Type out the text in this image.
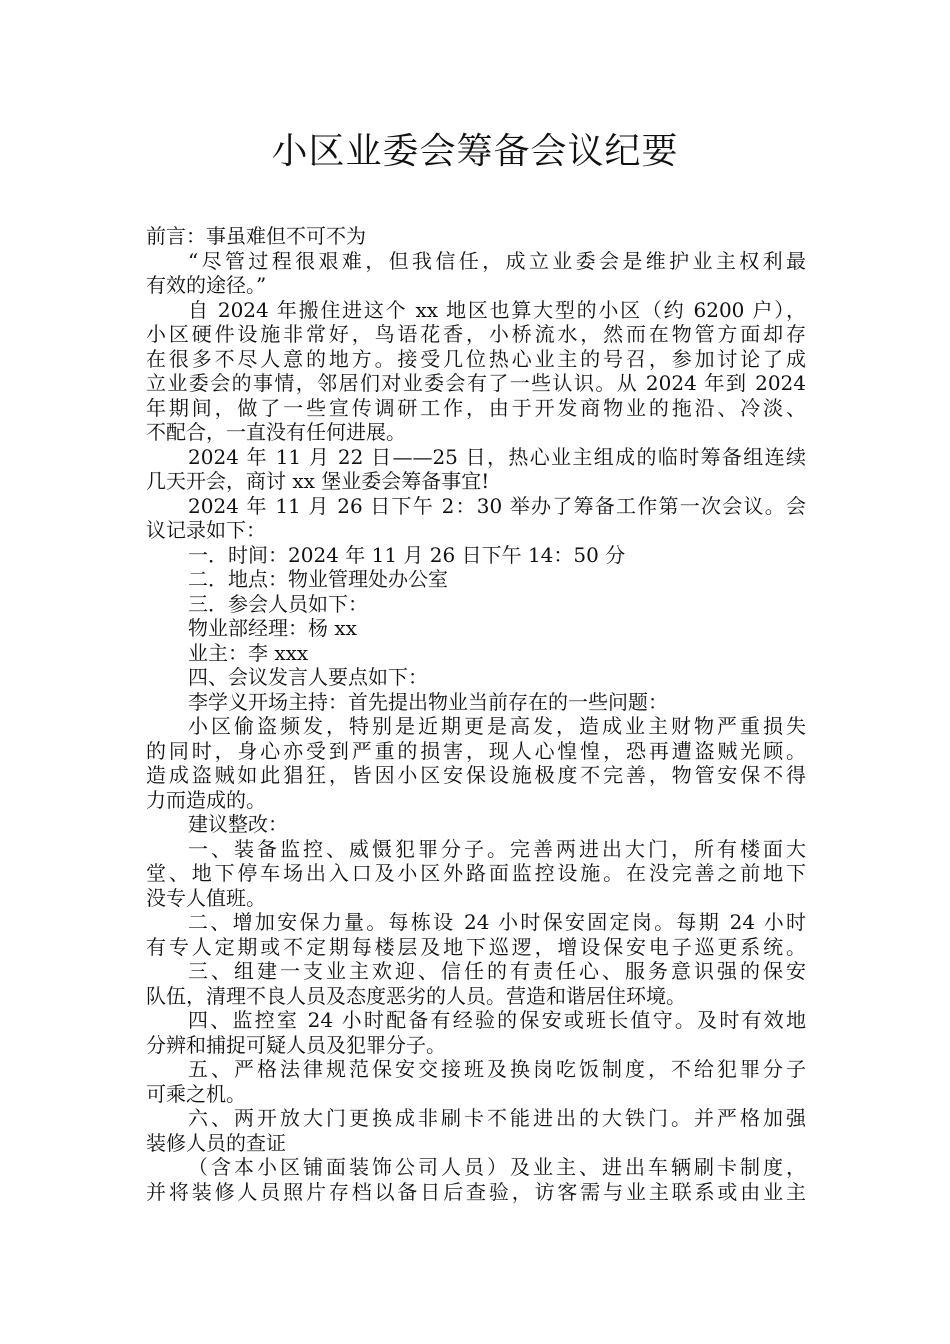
小区业委会筹备会议纪要
前言：事虽难但不可不为
“尽管过程很艰难，但我信任，成立业委会是维护业主权利最
有效的途径。”
自 2024 年搬住进这个 xx 地区也算大型的小区（约 6200 户），
小区硬件设施非常好，鸟语花香，小桥流水，然而在物管方面却存
在很多不尽人意的地方。接受几位热心业主的号召，参加讨论了成
立业委会的事情，邻居们对业委会有了一些认识。从 2024 年到 2024
年期间，做了一些宣传调研工作，由于开发商物业的拖沿、冷淡、
不配合，一直没有任何进展。
2024 年 11 月 22 日——25 日，热心业主组成的临时筹备组连续
几天开会，商讨 xx 堡业委会筹备事宜!
2024 年 11 月 26 日下午 2：30 举办了筹备工作第一次会议。会
议记录如下：
一．时间：2024 年 11 月 26 日下午 14：50 分
二．地点：物业管理处办公室
三．参会人员如下：
物业部经理：杨 xx
业主：李 xxx
四、会议发言人要点如下：
李学义开场主持：首先提出物业当前存在的一些问题：
小区偷盗频发，特别是近期更是高发，造成业主财物严重损失
的同时，身心亦受到严重的损害，现人心惶惶，恐再遭盗贼光顾。
造成盗贼如此猖狂，皆因小区安保设施极度不完善，物管安保不得
力而造成的。
建议整改：
一、装备监控、威慑犯罪分子。完善两进出大门，所有楼面大
堂、地下停车场出入口及小区外路面监控设施。在没完善之前地下
没专人值班。
二、增加安保力量。每栋设 24 小时保安固定岗。每期 24 小时
有专人定期或不定期每楼层及地下巡逻，增设保安电子巡更系统。
三、组建一支业主欢迎、信任的有责任心、服务意识强的保安
队伍，清理不良人员及态度恶劣的人员。营造和谐居住环境。
四、监控室 24 小时配备有经验的保安或班长值守。及时有效地
分辨和捕捉可疑人员及犯罪分子。
五、严格法律规范保安交接班及换岗吃饭制度，不给犯罪分子
可乘之机。
六、两开放大门更换成非刷卡不能进出的大铁门。并严格加强
装修人员的查证
（含本小区铺面装饰公司人员）及业主、进出车辆刷卡制度，
并将装修人员照片存档以备日后查验，访客需与业主联系或由业主
